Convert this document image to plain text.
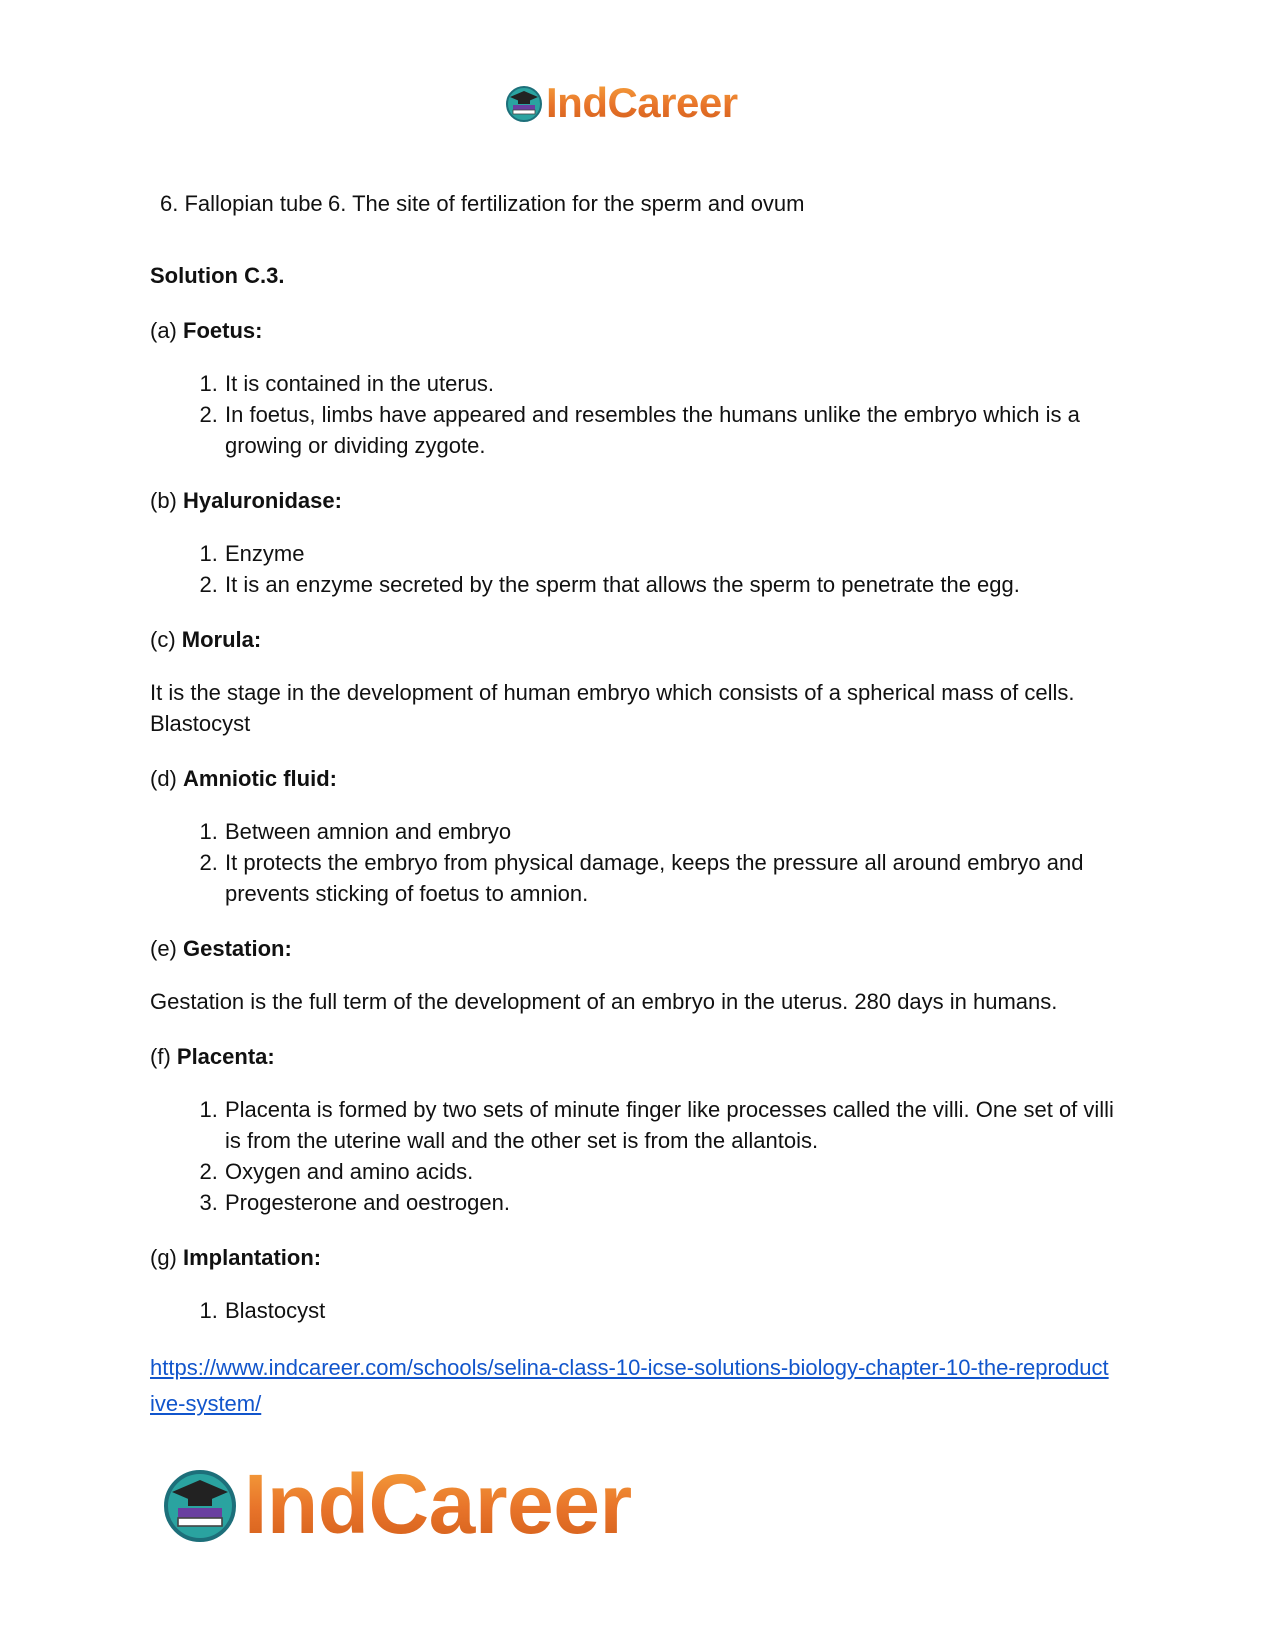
IndCareer
6. Fallopian tube 6. The site of fertilization for the sperm and ovum

Solution C.3.

(a) Foetus:

1. It is contained in the uterus.
2. In foetus, limbs have appeared and resembles the humans unlike the embryo which is a growing or dividing zygote.

(b) Hyaluronidase:

1. Enzyme
2. It is an enzyme secreted by the sperm that allows the sperm to penetrate the egg.

(c) Morula:

It is the stage in the development of human embryo which consists of a spherical mass of cells.
Blastocyst

(d) Amniotic fluid:

1. Between amnion and embryo
2. It protects the embryo from physical damage, keeps the pressure all around embryo and prevents sticking of foetus to amnion.

(e) Gestation:

Gestation is the full term of the development of an embryo in the uterus. 280 days in humans.

(f) Placenta:

1. Placenta is formed by two sets of minute finger like processes called the villi. One set of villi is from the uterine wall and the other set is from the allantois.
2. Oxygen and amino acids.
3. Progesterone and oestrogen.

(g) Implantation:

1. Blastocyst
https://www.indcareer.com/schools/selina-class-10-icse-solutions-biology-chapter-10-the-reproductive-system/
IndCareer
